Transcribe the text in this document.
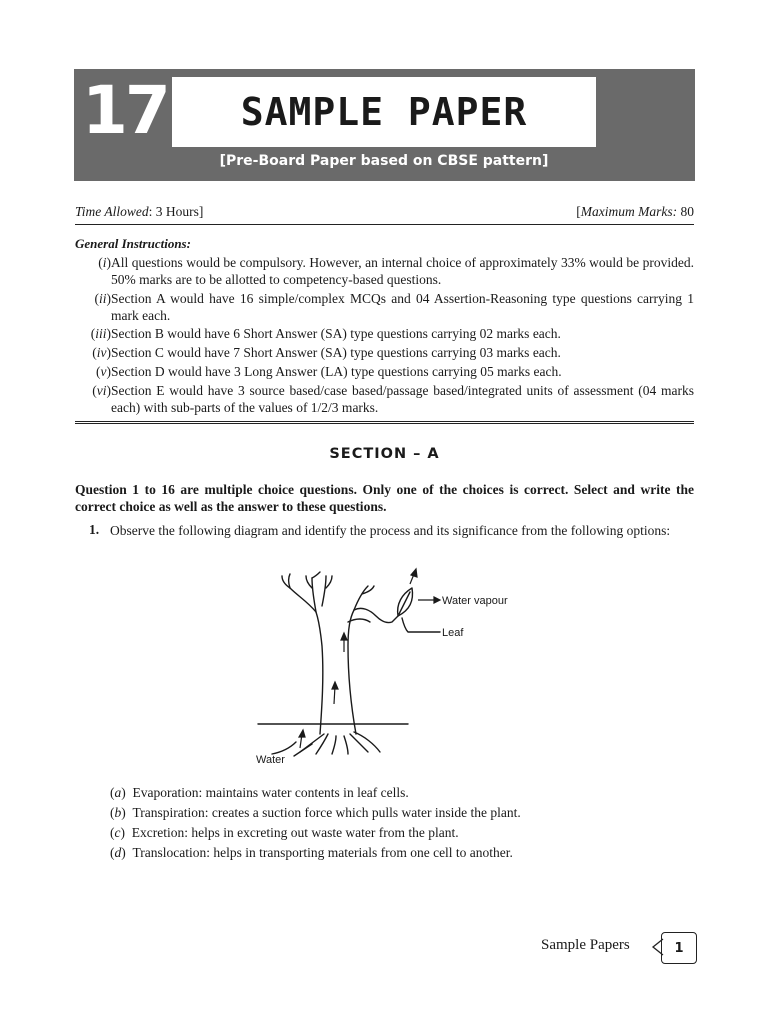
17 SAMPLE PAPER
[Pre-Board Paper based on CBSE pattern]
Time Allowed: 3 Hours]	[Maximum Marks: 80
General Instructions:
(i) All questions would be compulsory. However, an internal choice of approximately 33% would be provided. 50% marks are to be allotted to competency-based questions.
(ii) Section A would have 16 simple/complex MCQs and 04 Assertion-Reasoning type questions carrying 1 mark each.
(iii) Section B would have 6 Short Answer (SA) type questions carrying 02 marks each.
(iv) Section C would have 7 Short Answer (SA) type questions carrying 03 marks each.
(v) Section D would have 3 Long Answer (LA) type questions carrying 05 marks each.
(vi) Section E would have 3 source based/case based/passage based/integrated units of assessment (04 marks each) with sub-parts of the values of 1/2/3 marks.
SECTION – A
Question 1 to 16 are multiple choice questions. Only one of the choices is correct. Select and write the correct choice as well as the answer to these questions.
1. Observe the following diagram and identify the process and its significance from the following options:
Water vapour
Leaf
Water
(a)  Evaporation: maintains water contents in leaf cells.
(b)  Transpiration: creates a suction force which pulls water inside the plant.
(c)  Excretion: helps in excreting out waste water from the plant.
(d)  Translocation: helps in transporting materials from one cell to another.
Sample Papers	1
